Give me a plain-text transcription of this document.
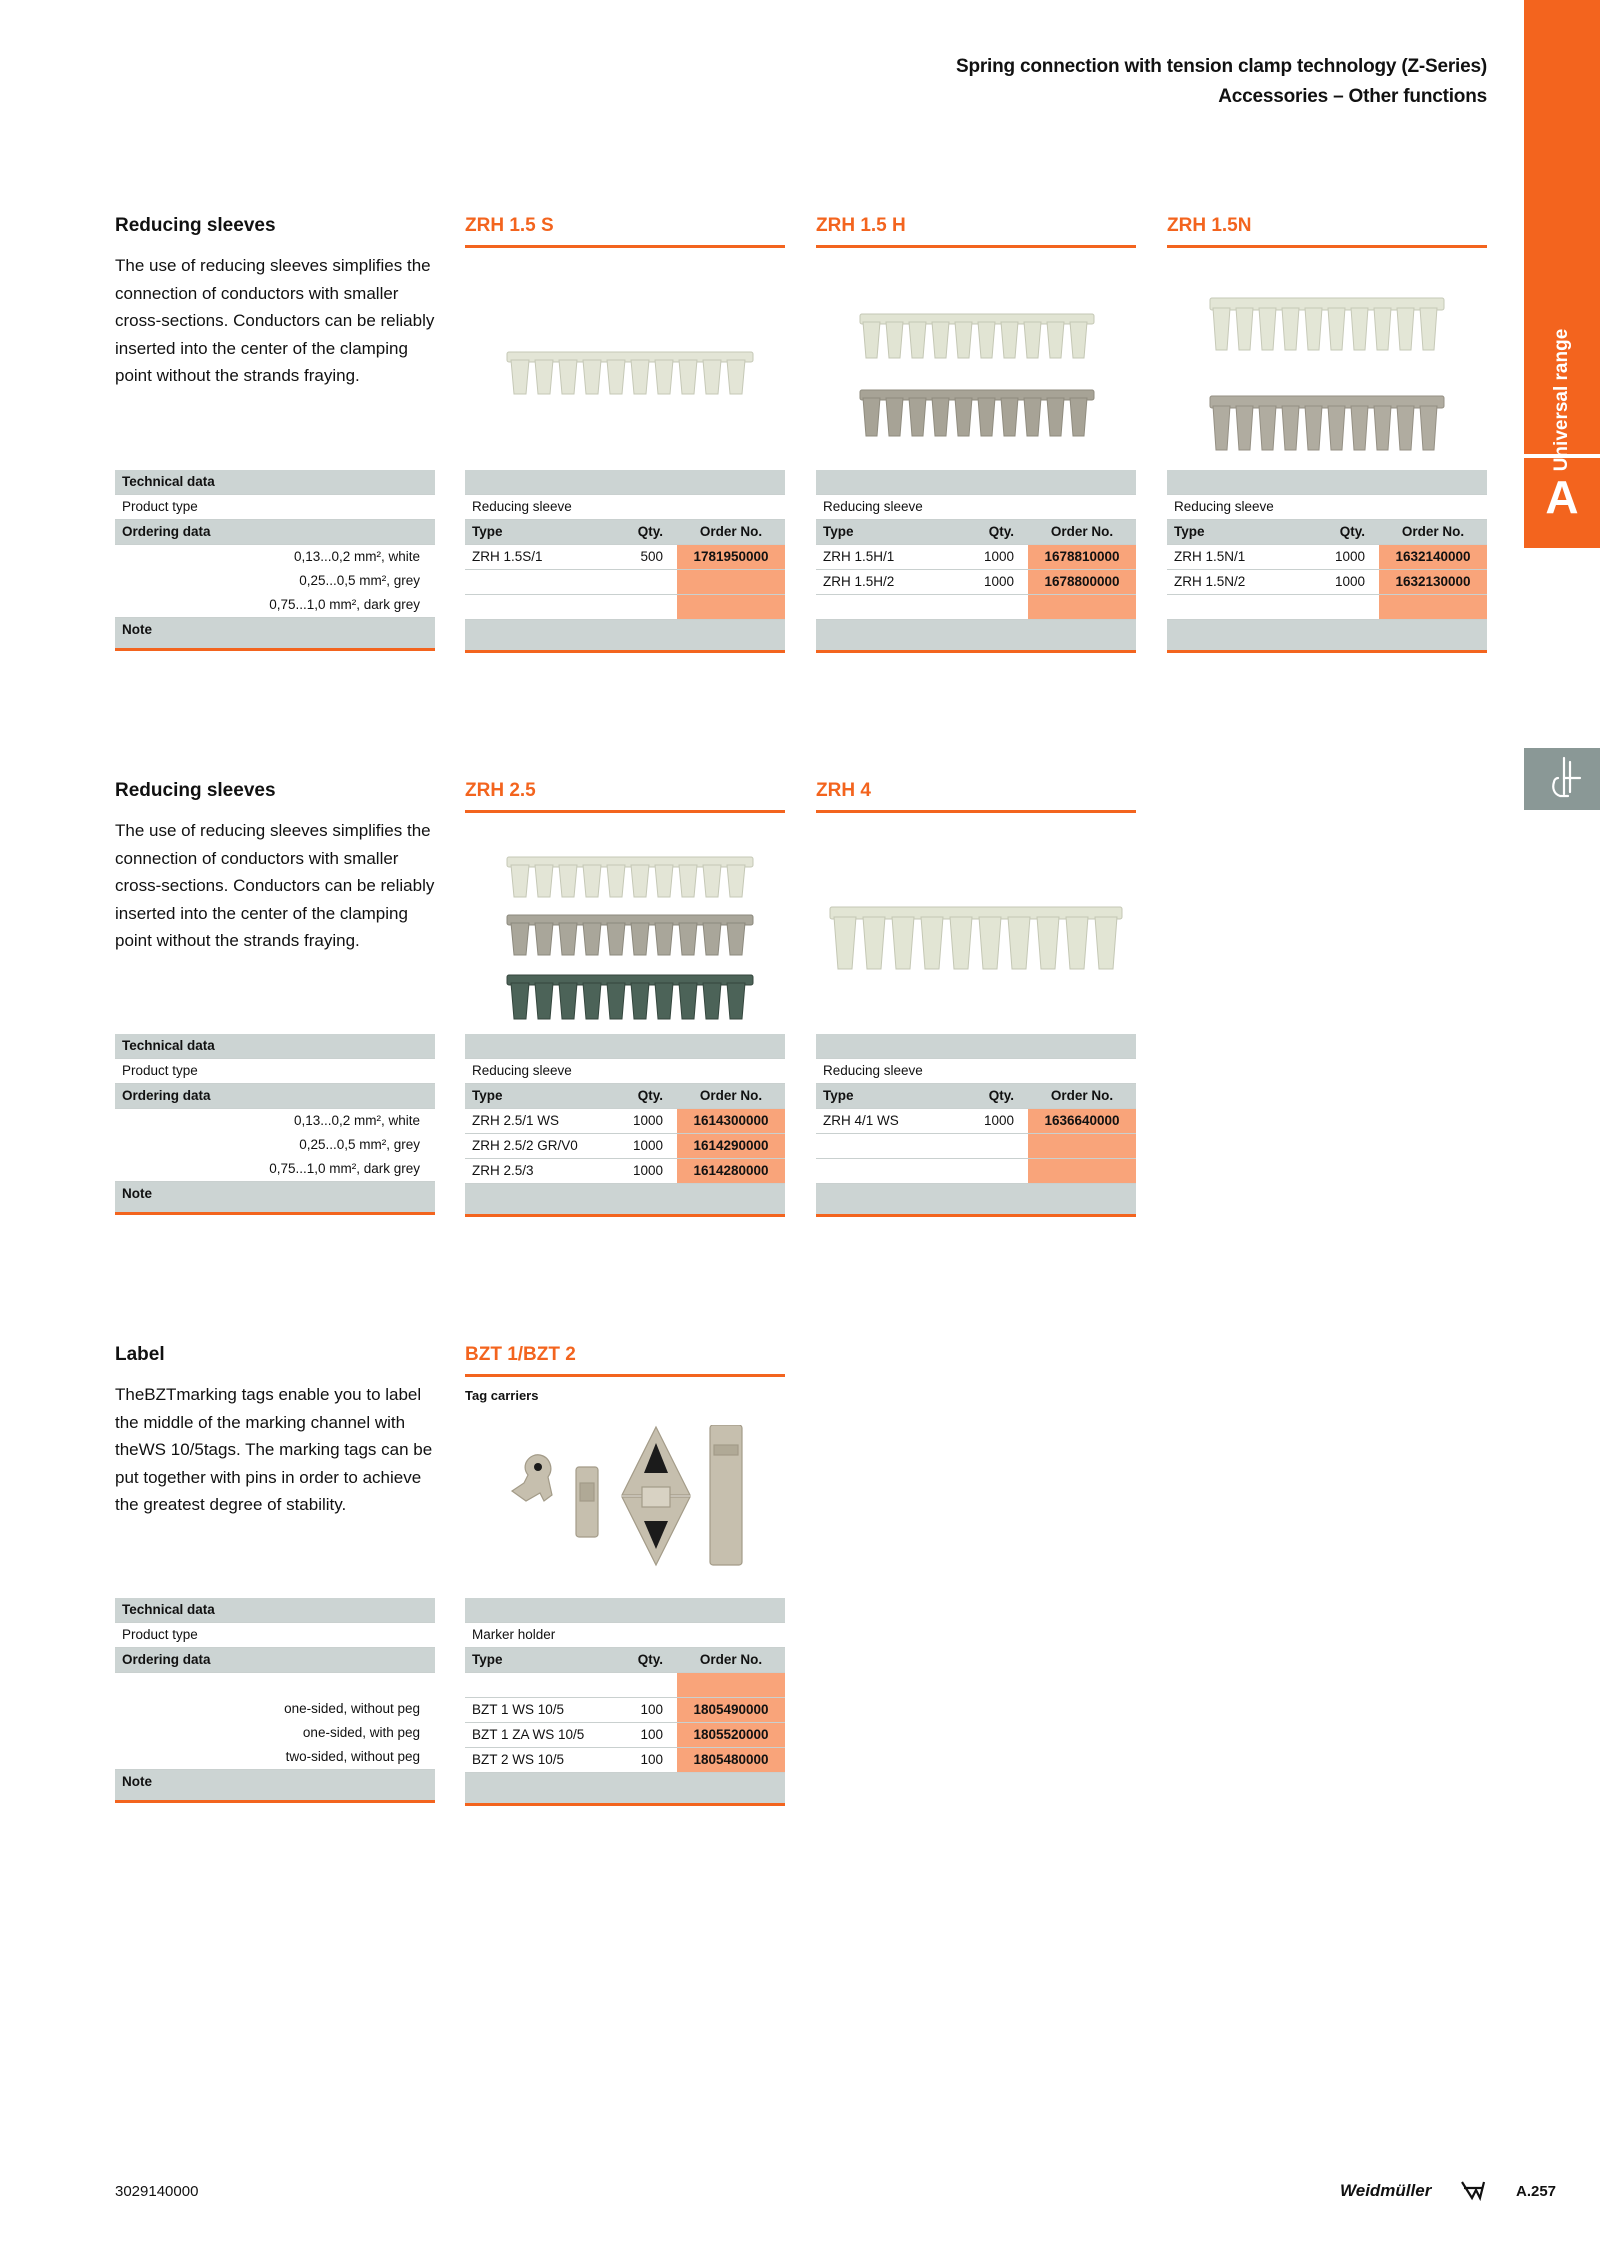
Spring connection with tension clamp technology (Z-Series)
Accessories – Other functions
Universal range
A
Reducing sleeves
The use of reducing sleeves simplifies the connection of conductors with smaller cross-sections. Conductors can be reliably inserted into the center of the clamping point without the strands fraying.
Technical data
Product type
Ordering data
0,13...0,2 mm², white
0,25...0,5 mm², grey
0,75...1,0 mm², dark grey
Note
ZRH 1.5 S
Reducing sleeve
Type	Qty.	Order No.
ZRH 1.5S/1	500	1781950000
ZRH 1.5 H
Reducing sleeve
Type	Qty.	Order No.
ZRH 1.5H/1	1000	1678810000
ZRH 1.5H/2	1000	1678800000
ZRH 1.5N
Reducing sleeve
Type	Qty.	Order No.
ZRH 1.5N/1	1000	1632140000
ZRH 1.5N/2	1000	1632130000
Reducing sleeves
The use of reducing sleeves simplifies the connection of conductors with smaller cross-sections. Conductors can be reliably inserted into the center of the clamping point without the strands fraying.
Technical data
Product type
Ordering data
0,13...0,2 mm², white
0,25...0,5 mm², grey
0,75...1,0 mm², dark grey
Note
ZRH 2.5
Reducing sleeve
Type	Qty.	Order No.
ZRH 2.5/1 WS	1000	1614300000
ZRH 2.5/2 GR/V0	1000	1614290000
ZRH 2.5/3	1000	1614280000
ZRH 4
Reducing sleeve
Type	Qty.	Order No.
ZRH 4/1 WS	1000	1636640000
Label
TheBZTmarking tags enable you to label the middle of the marking channel with theWS 10/5tags. The marking tags can be put together with pins in order to achieve the greatest degree of stability.
Technical data
Product type
Ordering data
one-sided, without peg
one-sided, with peg
two-sided, without peg
Note
BZT 1/BZT 2
Tag carriers
Marker holder
Type	Qty.	Order No.
BZT 1 WS 10/5	100	1805490000
BZT 1 ZA WS 10/5	100	1805520000
BZT 2 WS 10/5	100	1805480000
3029140000	Weidmüller	A.257
